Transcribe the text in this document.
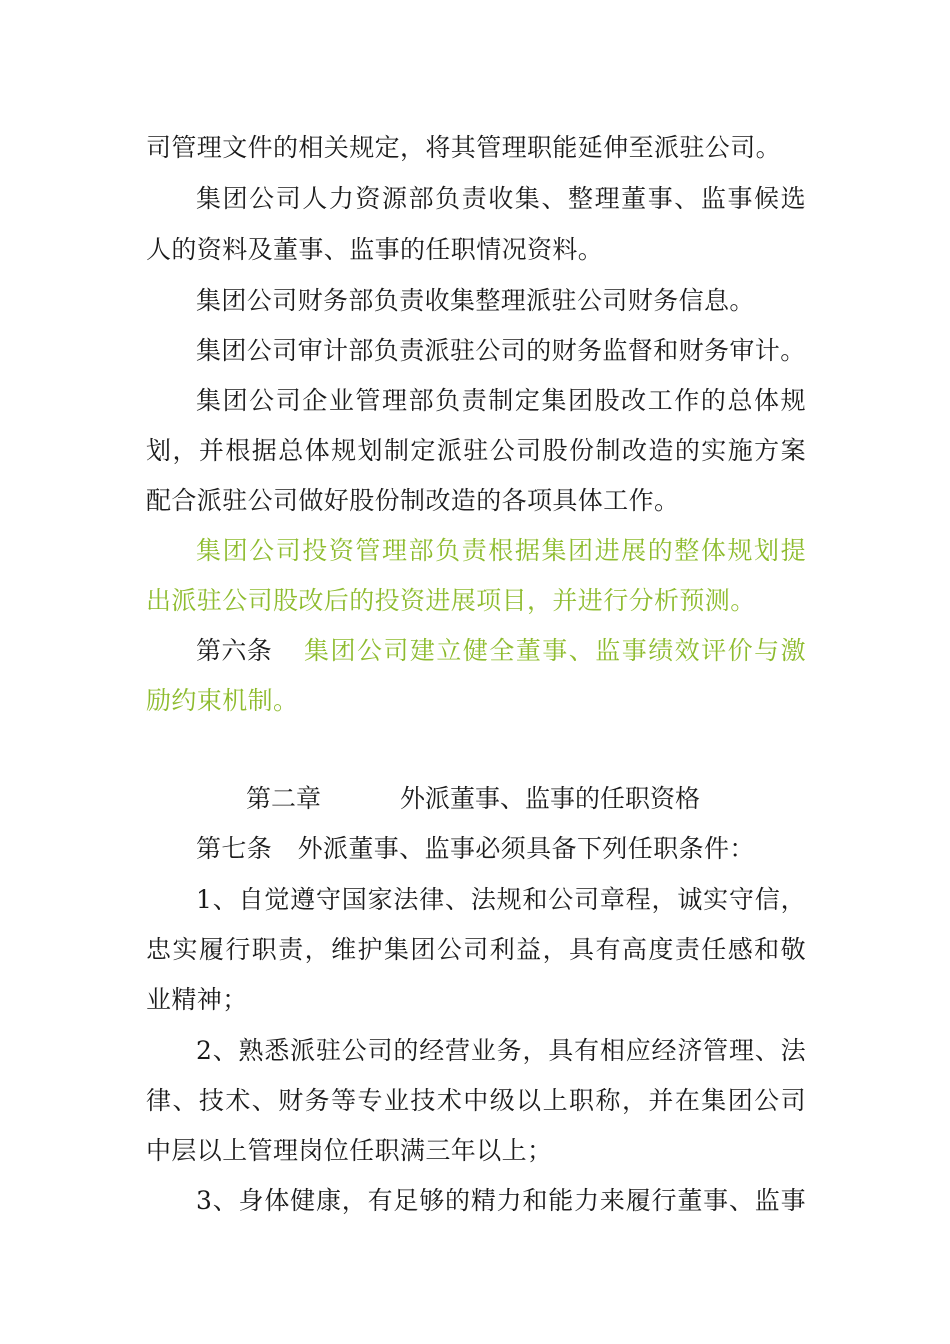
司管理文件的相关规定，将其管理职能延伸至派驻公司。
集团公司人力资源部负责收集、整理董事、监事候选
人的资料及董事、监事的任职情况资料。
集团公司财务部负责收集整理派驻公司财务信息。
集团公司审计部负责派驻公司的财务监督和财务审计。
集团公司企业管理部负责制定集团股改工作的总体规
划，并根据总体规划制定派驻公司股份制改造的实施方案
配合派驻公司做好股份制改造的各项具体工作。
集团公司投资管理部负责根据集团进展的整体规划提
出派驻公司股改后的投资进展项目，并进行分析预测。
第六条	集团公司建立健全董事、监事绩效评价与激
励约束机制。
第二章	外派董事、监事的任职资格
第七条　外派董事、监事必须具备下列任职条件：
1、自觉遵守国家法律、法规和公司章程，诚实守信，
忠实履行职责，维护集团公司利益，具有高度责任感和敬
业精神；
2、熟悉派驻公司的经营业务，具有相应经济管理、法
律、技术、财务等专业技术中级以上职称，并在集团公司
中层以上管理岗位任职满三年以上；
3、身体健康，有足够的精力和能力来履行董事、监事
